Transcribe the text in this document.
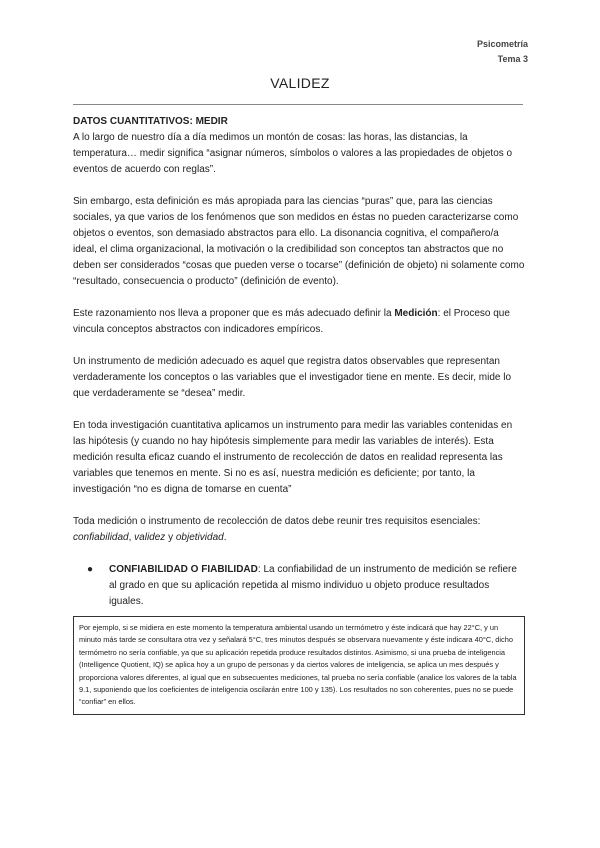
Psicometría
Tema 3
VALIDEZ

DATOS CUANTITATIVOS: MEDIR

A lo largo de nuestro día a día medimos un montón de cosas: las horas, las distancias, la temperatura… medir significa “asignar números, símbolos o valores a las propiedades de objetos o eventos de acuerdo con reglas”.

Sin embargo, esta definición es más apropiada para las ciencias “puras” que, para las ciencias sociales, ya que varios de los fenómenos que son medidos en éstas no pueden caracterizarse como objetos o eventos, son demasiado abstractos para ello. La disonancia cognitiva, el compañero/a ideal, el clima organizacional, la motivación o la credibilidad son conceptos tan abstractos que no deben ser considerados “cosas que pueden verse o tocarse” (definición de objeto) ni solamente como “resultado, consecuencia o producto” (definición de evento).

Este razonamiento nos lleva a proponer que es más adecuado definir la Medición: el Proceso que vincula conceptos abstractos con indicadores empíricos.

Un instrumento de medición adecuado es aquel que registra datos observables que representan verdaderamente los conceptos o las variables que el investigador tiene en mente. Es decir, mide lo que verdaderamente se “desea” medir.

En toda investigación cuantitativa aplicamos un instrumento para medir las variables contenidas en las hipótesis (y cuando no hay hipótesis simplemente para medir las variables de interés). Esta medición resulta eficaz cuando el instrumento de recolección de datos en realidad representa las variables que tenemos en mente. Si no es así, nuestra medición es deficiente; por tanto, la investigación “no es digna de tomarse en cuenta”

Toda medición o instrumento de recolección de datos debe reunir tres requisitos esenciales: confiabilidad, validez y objetividad.

● CONFIABILIDAD O FIABILIDAD: La confiabilidad de un instrumento de medición se refiere al grado en que su aplicación repetida al mismo individuo u objeto produce resultados iguales.
Por ejemplo, si se midiera en este momento la temperatura ambiental usando un termómetro y éste indicará que hay 22°C, y un minuto más tarde se consultara otra vez y señalará 5°C, tres minutos después se observara nuevamente y éste indicara 40°C, dicho termómetro no sería confiable, ya que su aplicación repetida produce resultados distintos. Asimismo, si una prueba de inteligencia (Intelligence Quotient, IQ) se aplica hoy a un grupo de personas y da ciertos valores de inteligencia, se aplica un mes después y proporciona valores diferentes, al igual que en subsecuentes mediciones, tal prueba no sería confiable (analice los valores de la tabla 9.1, suponiendo que los coeficientes de inteligencia oscilarán entre 100 y 135). Los resultados no son coherentes, pues no se puede “confiar” en ellos.
